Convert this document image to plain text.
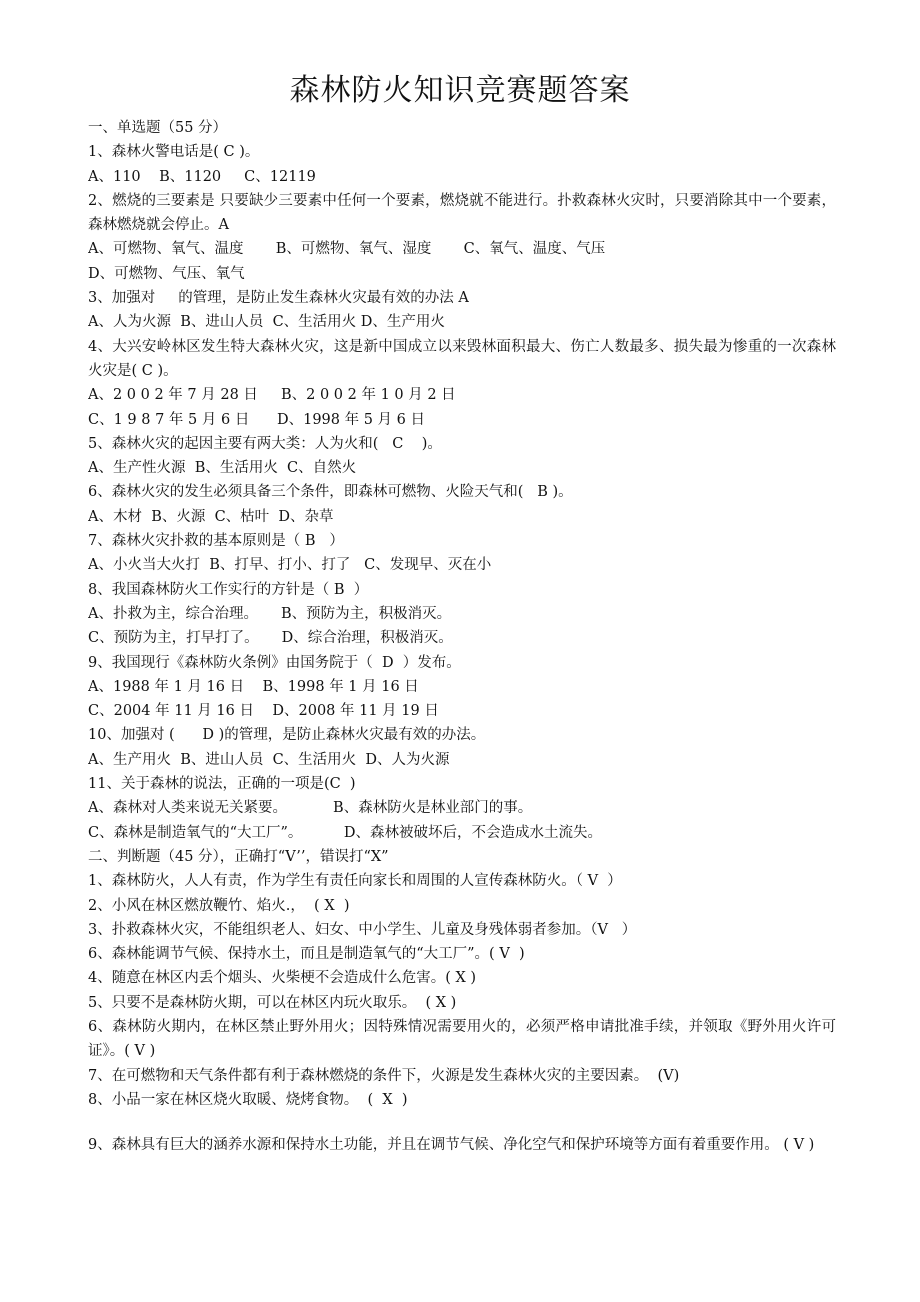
森林防火知识竞赛题答案
一、单选题（55 分）
1、森林火警电话是( C )。
A、110    B、1120     C、12119
2、燃烧的三要素是 只要缺少三要素中任何一个要素，燃烧就不能进行。扑救森林火灾时，只要消除其中一个要素，森林燃烧就会停止。A
A、可燃物、氧气、温度       B、可燃物、氧气、湿度       C、氧气、温度、气压
D、可燃物、气压、氧气
3、加强对     的管理，是防止发生森林火灾最有效的办法 A
A、人为火源  B、进山人员  C、生活用火 D、生产用火
4、大兴安岭林区发生特大森林火灾，这是新中国成立以来毁林面积最大、伤亡人数最多、损失最为惨重的一次森林火灾是( C )。
A、2 0 0 2 年 7 月 28 日     B、2 0 0 2 年 1 0 月 2 日
C、1 9 8 7 年 5 月 6 日      D、1998 年 5 月 6 日
5、森林火灾的起因主要有两大类：人为火和(   C    )。
A、生产性火源  B、生活用火  C、自然火
6、森林火灾的发生必须具备三个条件，即森林可燃物、火险天气和(   B )。
A、木材  B、火源  C、枯叶  D、杂草
7、森林火灾扑救的基本原则是（ B   ）
A、小火当大火打  B、打早、打小、打了   C、发现早、灭在小
8、我国森林防火工作实行的方针是（ B  ）
A、扑救为主，综合治理。     B、预防为主，积极消灭。
C、预防为主，打早打了。     D、综合治理，积极消灭。
9、我国现行《森林防火条例》由国务院于（  D  ）发布。
A、1988 年 1 月 16 日    B、1998 年 1 月 16 日
C、2004 年 11 月 16 日    D、2008 年 11 月 19 日
10、加强对 (      D )的管理，是防止森林火灾最有效的办法。
A、生产用火  B、进山人员  C、生活用火  D、人为火源
11、关于森林的说法，正确的一项是(C  )
A、森林对人类来说无关紧要。          B、森林防火是林业部门的事。
C、森林是制造氧气的“大工厂”。         D、森林被破坏后，不会造成水土流失。
二、判断题（45 分），正确打“V’’，错误打“X”
1、森林防火，人人有责，作为学生有责任向家长和周围的人宣传森林防火。（ V  ）
2、小风在林区燃放鞭竹、焰火.，  ( X  )
3、扑救森林火灾，不能组织老人、妇女、中小学生、儿童及身残体弱者参加。（V   ）
6、森林能调节气候、保持水土，而且是制造氧气的“大工厂”。( V  )
4、随意在林区内丢个烟头、火柴梗不会造成什么危害。( X )
5、只要不是森林防火期，可以在林区内玩火取乐。  ( X )
6、森林防火期内，在林区禁止野外用火；因特殊情况需要用火的，必须严格申请批准手续，并领取《野外用火许可证》。( V )
7、在可燃物和天气条件都有利于森林燃烧的条件下，火源是发生森林火灾的主要因素。  (V)
8、小品一家在林区烧火取暖、烧烤食物。  (  X  )
9、森林具有巨大的涵养水源和保持水土功能，并且在调节气候、净化空气和保护环境等方面有着重要作用。 ( V )
